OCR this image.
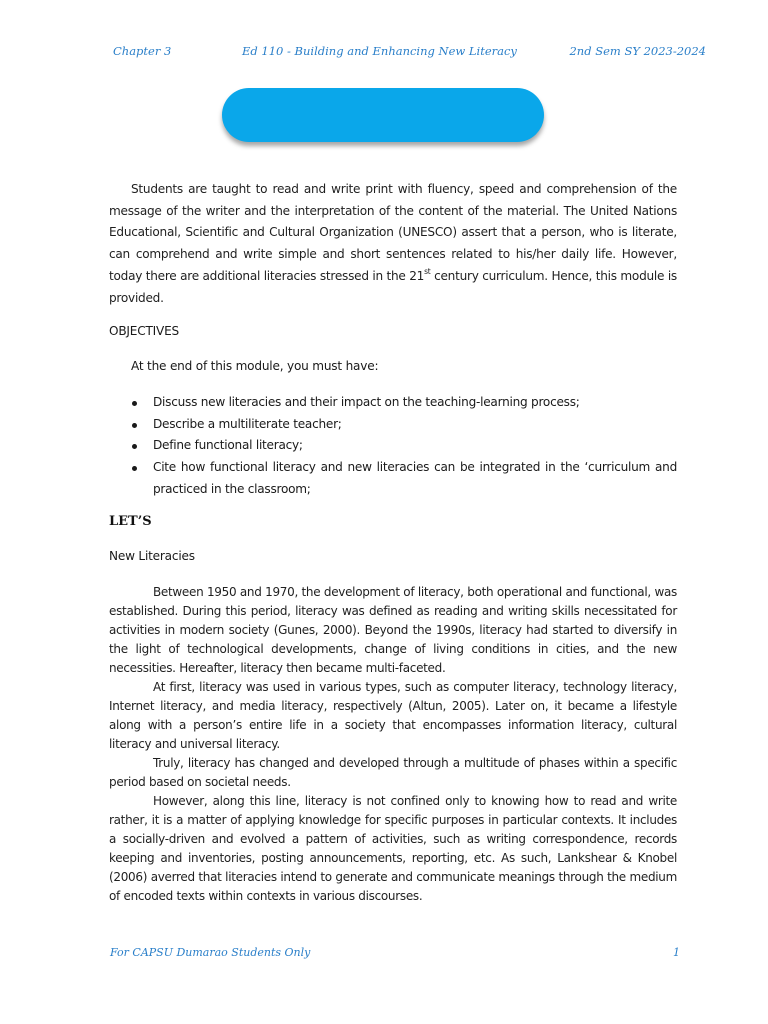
Chapter 3	Ed 110 - Building and Enhancing New Literacy	2nd Sem SY 2023-2024
Students are taught to read and write print with fluency, speed and comprehension of the message of the writer and the interpretation of the content of the material. The United Nations Educational, Scientific and Cultural Organization (UNESCO) assert that a person, who is literate, can comprehend and write simple and short sentences related to his/her daily life. However, today there are additional literacies stressed in the 21st century curriculum. Hence, this module is provided.
OBJECTIVES
At the end of this module, you must have:
Discuss new literacies and their impact on the teaching-learning process;
Describe a multiliterate teacher;
Define functional literacy;
Cite how functional literacy and new literacies can be integrated in the ‘curriculum and practiced in the classroom;
LET’S
New Literacies

Between 1950 and 1970, the development of literacy, both operational and functional, was established. During this period, literacy was defined as reading and writing skills necessitated for activities in modern society (Gunes, 2000). Beyond the 1990s, literacy had started to diversify in the light of technological developments, change of living conditions in cities, and the new necessities. Hereafter, literacy then became multi-faceted.

At first, literacy was used in various types, such as computer literacy, technology literacy, Internet literacy, and media literacy, respectively (Altun, 2005). Later on, it became a lifestyle along with a person’s entire life in a society that encompasses information literacy, cultural literacy and universal literacy.

Truly, literacy has changed and developed through a multitude of phases within a specific period based on societal needs.

However, along this line, literacy is not confined only to knowing how to read and write rather, it is a matter of applying knowledge for specific purposes in particular contexts. It includes a socially-driven and evolved a pattern of activities, such as writing correspondence, records keeping and inventories, posting announcements, reporting, etc. As such, Lankshear & Knobel (2006) averred that literacies intend to generate and communicate meanings through the medium of encoded texts within contexts in various discourses.

For CAPSU Dumarao Students Only	1
